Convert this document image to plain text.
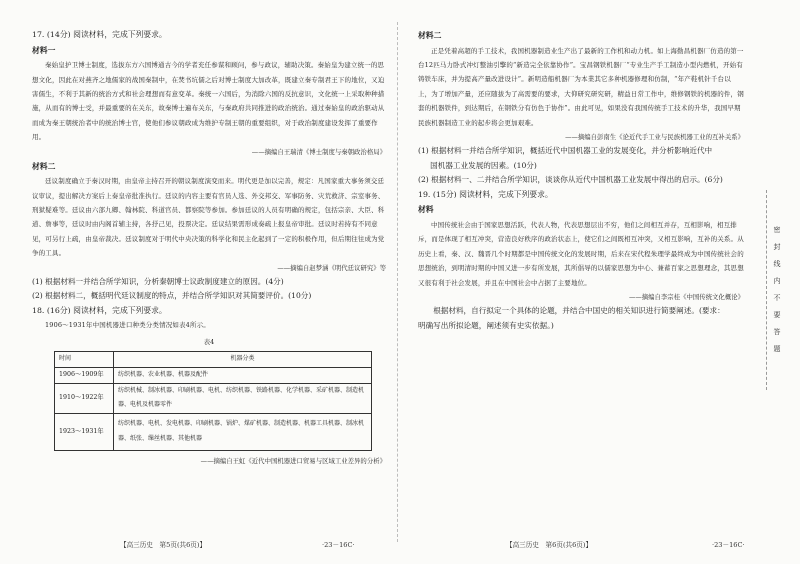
17. (14分) 阅读材料，完成下列要求。

材料一

秦始皇护卫博士制度，选拔东方六国博通古今的学者充任参谋和顾问，参与政议，辅助决策。秦始皇为建立统一的思想文化，因此在对燕齐之地儒家的战国秦制中，在焚书坑儒之后对博士制度大加改革，既建立秦专制君王下的地位，又迫害儒生，不利于其新的统治方式和社会理想而有意变革。秦统一六国后，为消除六国的反抗意识，文化统一上采取种种措施，从而有的博士受，并最重要的在关东，故秦博士遍布关东，与秦政府共同推进的政治统治。通过秦始皇的政治驱动从而成为秦王朝统治者中的统治博士官，使他们参议朝政成为维护专制王朝的重要组织，对于政治制度建设发挥了重要作用。

——摘编自王瑞清《博士制度与秦朝政治格局》

材料二

廷议制度确立于秦汉时期，由皇帝主持召开的朝议制度演变而来。明代更是加以完善，规定：凡国家重大事务须交廷议审议，提出解决方案后上奏皇帝批准执行。廷议的内容主要有官员人选、外交邦交、军事防务、灾荒救济、宗室事务、刑狱疑难等。廷议由六部九卿、翰林院、科道官员、都察院等参加。参加廷议的人员有明确的规定，包括宗亲、大臣、科道、詹事等，廷议时由内阁首辅主持，各抒己见，投票决定。廷议结果需形成奏疏上报皇帝审批。廷议时若持有不同意见，可另行上疏，由皇帝裁决。廷议制度对于明代中央决策的科学化和民主化起到了一定的积极作用，但后期往往成为党争的工具。

——摘编自赵梦涵《明代廷议研究》等

(1) 根据材料一并结合所学知识，分析秦朝博士议政制度建立的原因。(4分)

(2) 根据材料二，概括明代廷议制度的特点，并结合所学知识对其简要评价。(10分)

18. (16分) 阅读材料，完成下列要求。

1906～1931年中国机器进口种类分类情况如表4所示。

表4

时间	机器分类
1906～1909年	纺织机器、农业机器、机器及配件
1910～1922年	纺织机械、制冰机器、印刷机器、电机、纺织机器、铁路机器、化学机器、采矿机器、制造机器、电机及机器零件
1923～1931年	纺织机器、电机、发电机器、印刷机器、锅炉、煤矿机器、制造机器、机器工具机器、制冰机器、纸张、缫丝机器、其他机器

——摘编自王虹《近代中国机器进口贸易与区域工业差异的分析》

【高三历史　第5页(共6页)】	·23－16C·

材料二

正是凭着高超的手工技术，我国机器制造业生产出了最新的工作机和动力机。如上海勤昌机器厂仿造的第一台12匹马力卧式冲灯整油引擎的“新造完全依靠协作”。宝昌钢铁机器厂“专业生产手工制造小型内燃机，开始有铸铁车床，并为提高产量改进设计”。新明造船机器厂为本業其它多种机器修理和仿制，“年产鞋机针千台以上，为了增加产量，还应随拔为了高需要的要求，大仰研究研究研，精益日常工作中，维修钢铁的机器的件，钢套的机器铁件，到达期后，在钢铁分有仿色于协作”。由此可见，如果没有我国传统手工技术的升华，我国早期民族机器制造工业的起步将会更加艰难。

——摘编自彭南生《论近代手工业与民族机器工业的互补关系》

(1) 根据材料一并结合所学知识，概括近代中国机器工业的发展变化，并分析影响近代中

国机器工业发展的因素。(10分)

(2) 根据材料一、二并结合所学知识，谈谈你从近代中国机器工业发展中得出的启示。(6分)

19. (15分) 阅读材料，完成下列要求。

材料

中国传统社会由于国家思想活跃，代表人物，代表思想层出不穷，他们之间相互并存，互相影响，相互排斥，而是体现了相互冲突，营造良好秩序的政治状态上，使它们之间既相互冲突，又相互影响，互补的关系。从历史上看，秦、汉、魏晋几个时期都是中国传统文化的发展时期，后来在宋代程朱理学最终成为中国传统社会的思想统治，到明清时期的中国又进一步有所发展，其所倡导的以儒家思想为中心、兼蓄百家之思想理念，其思想又很有利于社会发展，并且在中国社会中占据了主要地位。

——摘编自李宗桂《中国传统文化概论》

根据材料，自行拟定一个具体的论题，并结合中国史的相关知识进行简要阐述。(要求：

明确写出所拟论题，阐述须有史实依据。)

【高三历史　第6页(共6页)】	·23－16C·
密
封
线
内
不
要
答
题
